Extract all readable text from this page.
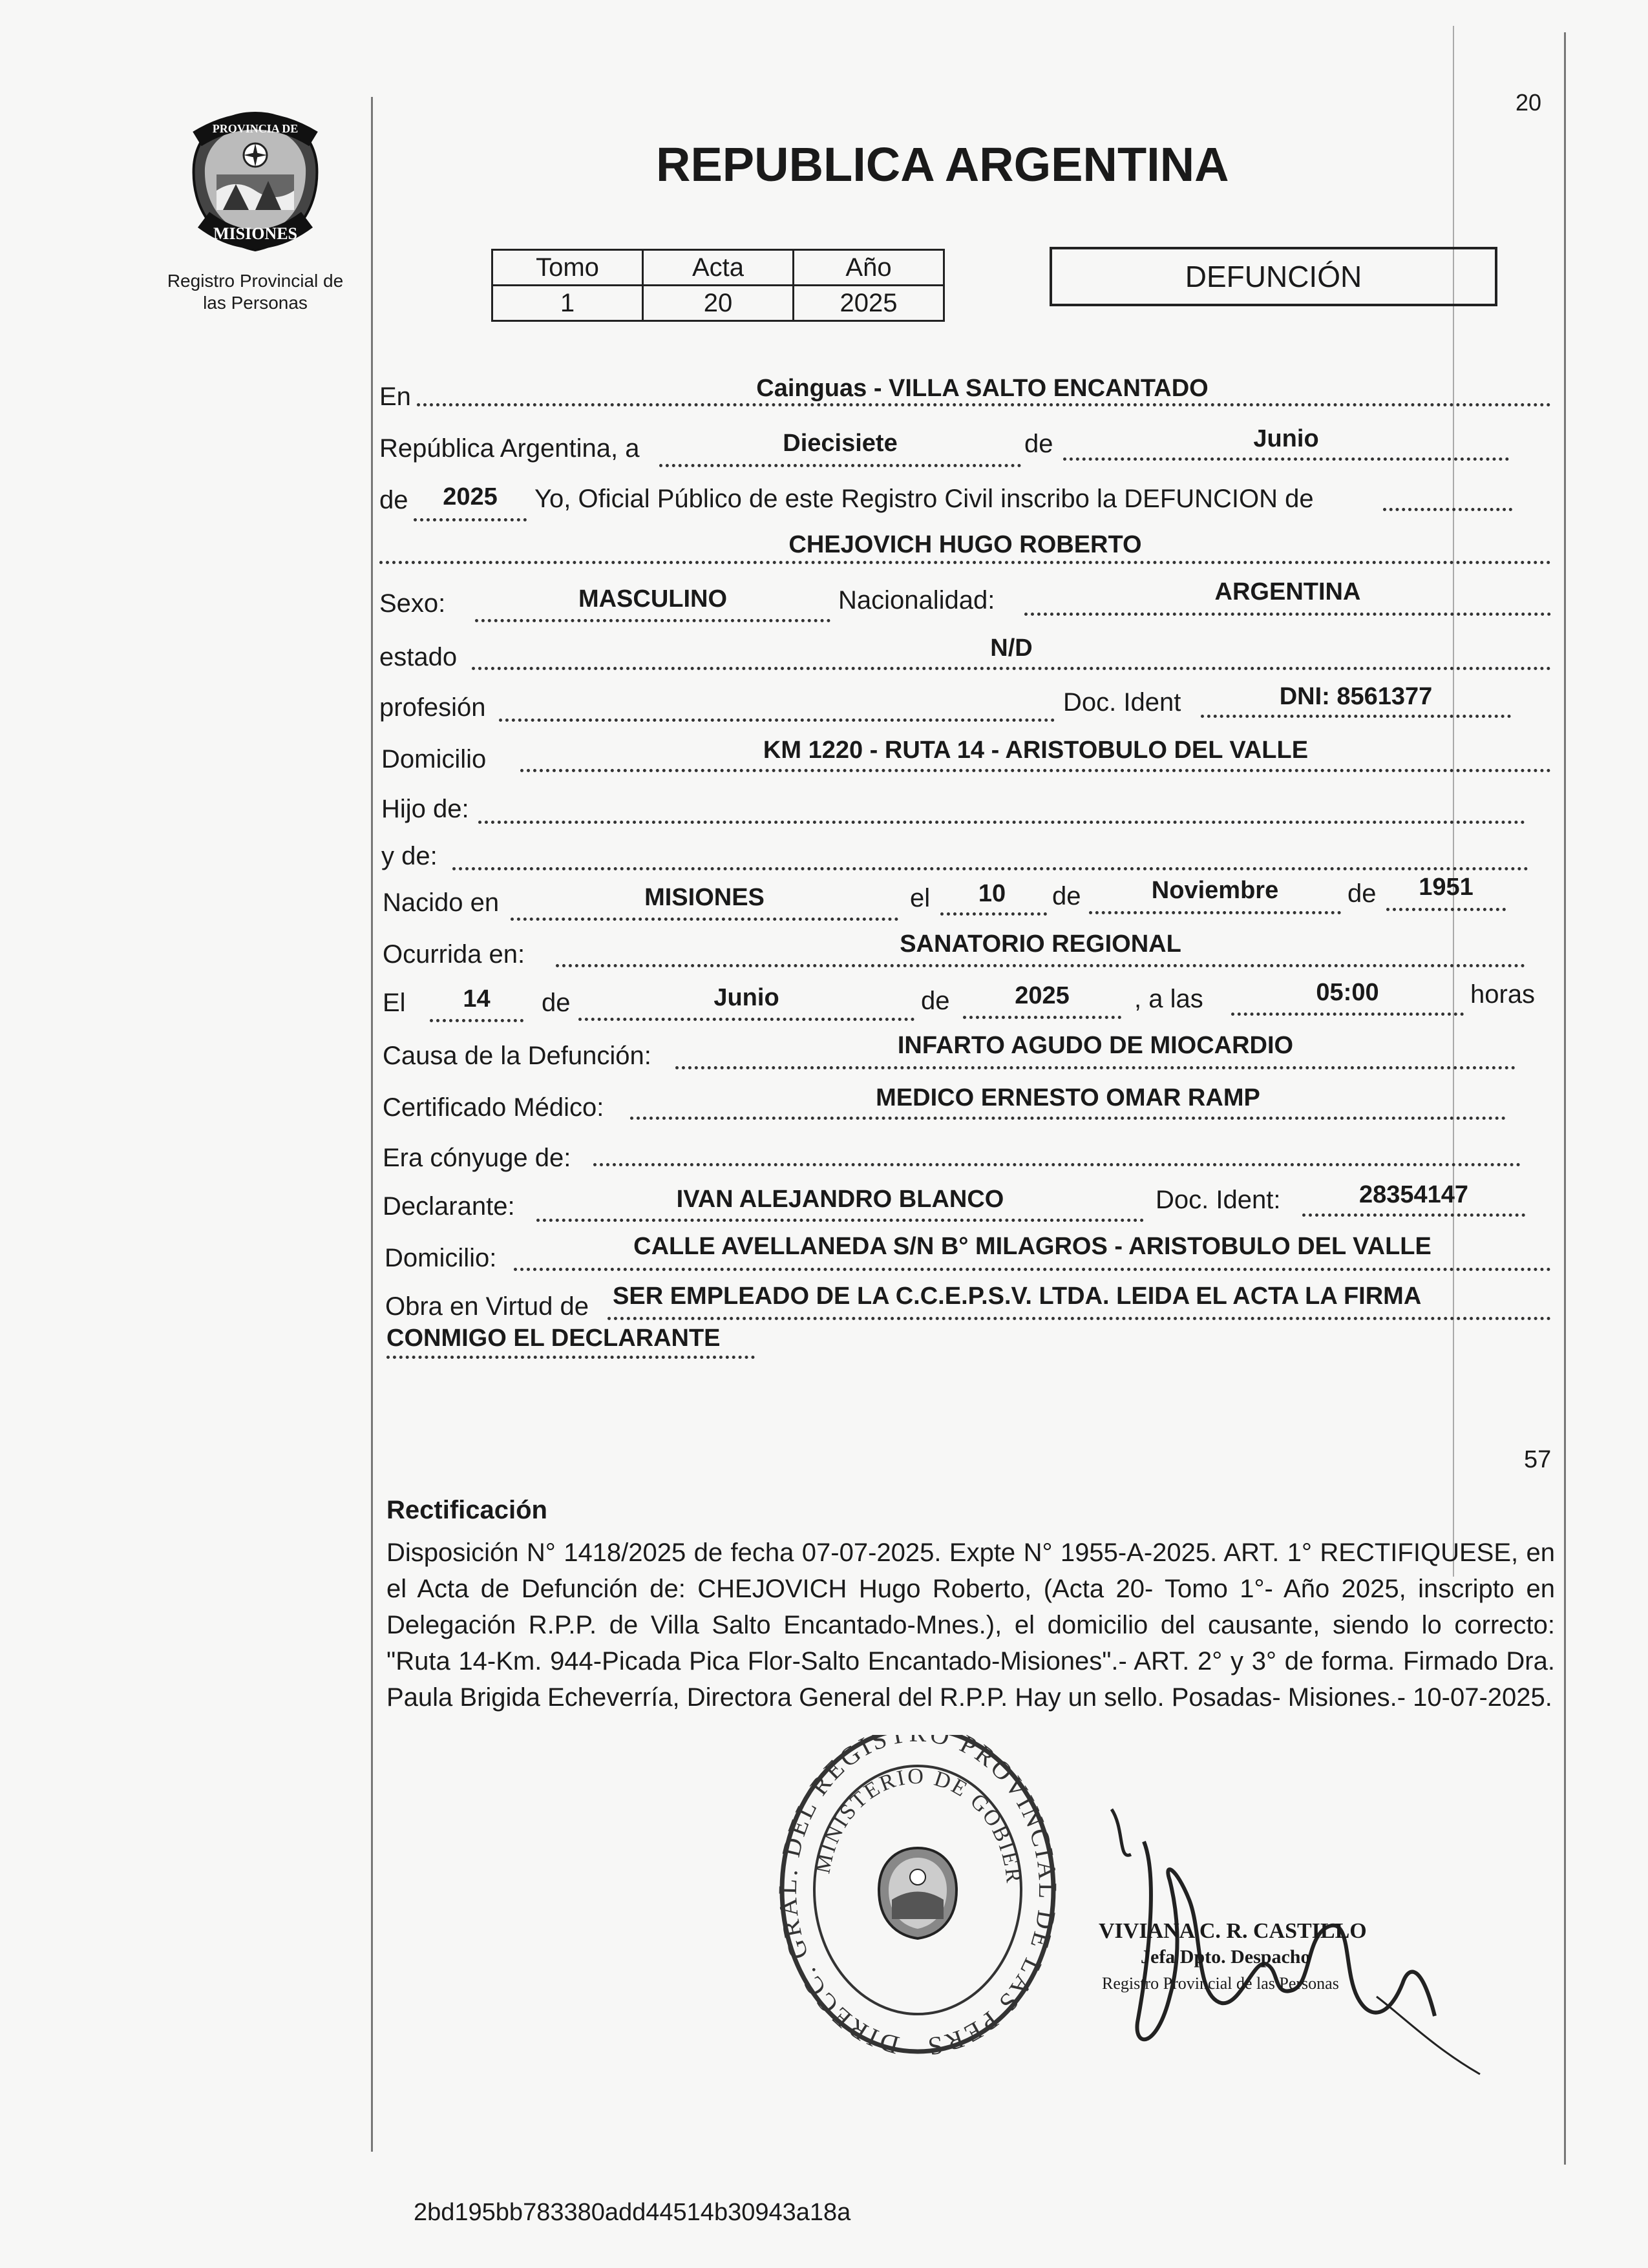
20
PROVINCIA DE
MISIONES
Registro Provincial de las Personas
REPUBLICA ARGENTINA
Tomo	Acta	Año
1	20	2025
DEFUNCIÓN
En	Cainguas - VILLA SALTO ENCANTADO
República Argentina, a	Diecisiete	de	Junio
de	2025	Yo, Oficial Público de este Registro Civil inscribo la DEFUNCION de
CHEJOVICH HUGO ROBERTO
Sexo:	MASCULINO	Nacionalidad:	ARGENTINA
estado	N/D
profesión	Doc. Ident	DNI: 8561377
Domicilio	KM 1220 - RUTA 14 - ARISTOBULO DEL VALLE
Hijo de:
y de:
Nacido en	MISIONES	el	10	de	Noviembre	de	1951
Ocurrida en:	SANATORIO REGIONAL
El	14	de	Junio	de	2025	, a las	05:00	horas
Causa de la Defunción:	INFARTO AGUDO DE MIOCARDIO
Certificado Médico:	MEDICO ERNESTO OMAR RAMP
Era cónyuge de:
Declarante:	IVAN ALEJANDRO BLANCO	Doc. Ident:	28354147
Domicilio:	CALLE AVELLANEDA S/N B° MILAGROS - ARISTOBULO DEL VALLE
Obra en Virtud de SER EMPLEADO DE LA C.C.E.P.S.V. LTDA. LEIDA EL ACTA LA FIRMA
CONMIGO EL DECLARANTE
57
Rectificación
Disposición N° 1418/2025 de fecha 07-07-2025. Expte N° 1955-A-2025. ART. 1° RECTIFIQUESE, en el Acta de Defunción de: CHEJOVICH Hugo Roberto, (Acta 20- Tomo 1°- Año 2025, inscripto en Delegación R.P.P. de Villa Salto Encantado-Mnes.), el domicilio del causante, siendo lo correcto: "Ruta 14-Km. 944-Picada Pica Flor-Salto Encantado-Misiones".- ART. 2° y 3° de forma. Firmado Dra. Paula Brigida Echeverría, Directora General del R.P.P. Hay un sello. Posadas- Misiones.- 10-07-2025.
DIRECC. GRAL. DEL REGIS O PROVINCIAL DE LAS PERS
MINISTERIO DE GOBIER
VIVIANA C. R. CASTILLO
Jefa Dpto. Despacho
Registro Provincial de las Personas
2bd195bb783380add44514b30943a18a
